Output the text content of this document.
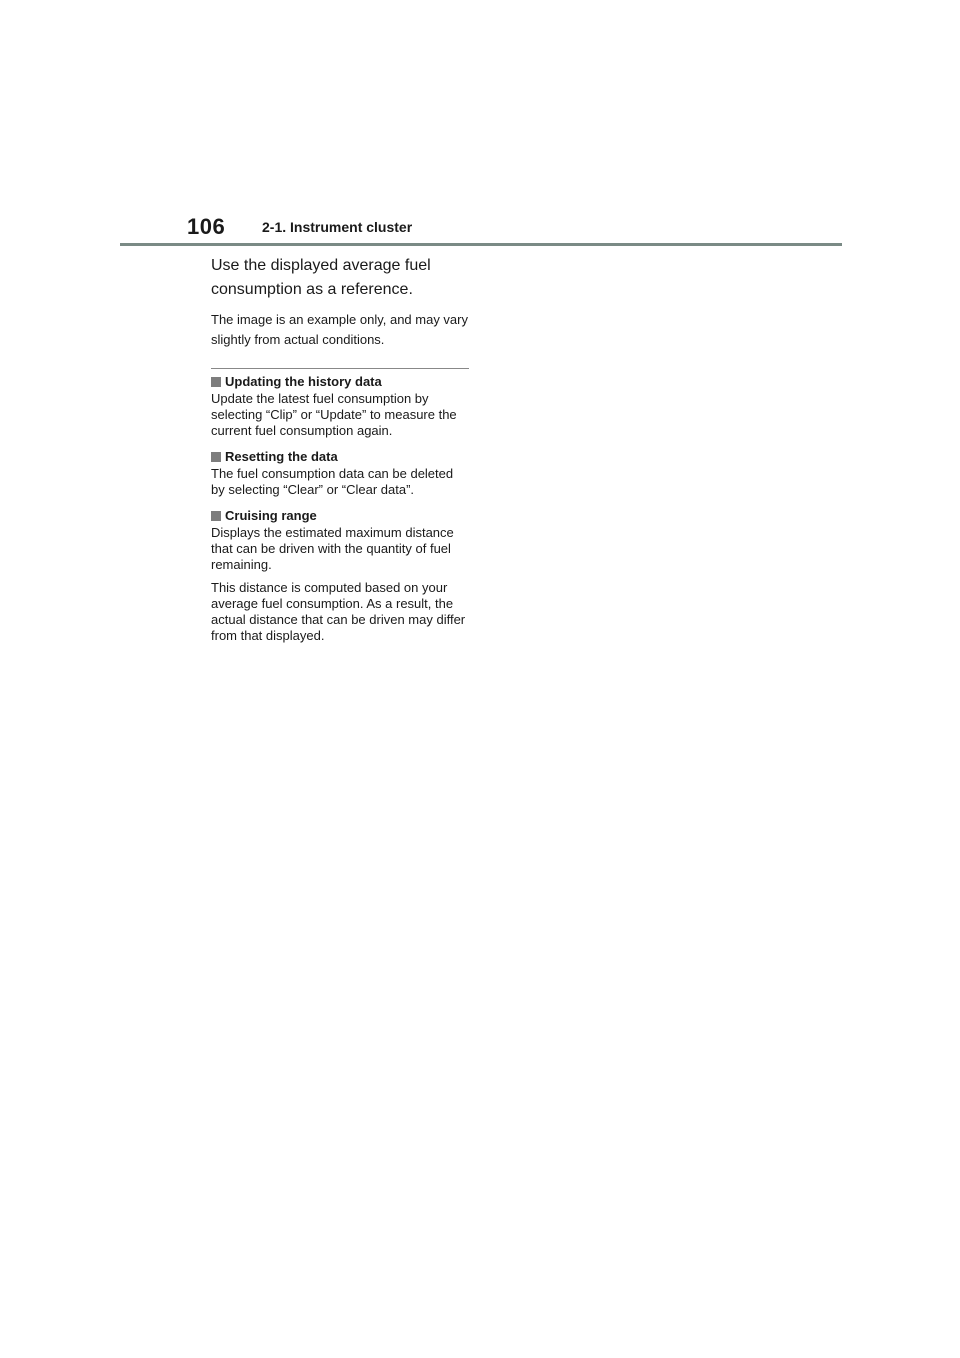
106	2-1. Instrument cluster

Use the displayed average fuel consumption as a reference.

The image is an example only, and may vary slightly from actual conditions.

Updating the history data

Update the latest fuel consumption by selecting “Clip” or “Update” to measure the current fuel consumption again.

Resetting the data

The fuel consumption data can be deleted by selecting “Clear” or “Clear data”.

Cruising range

Displays the estimated maximum distance that can be driven with the quantity of fuel remaining.

This distance is computed based on your average fuel consumption. As a result, the actual distance that can be driven may differ from that displayed.
